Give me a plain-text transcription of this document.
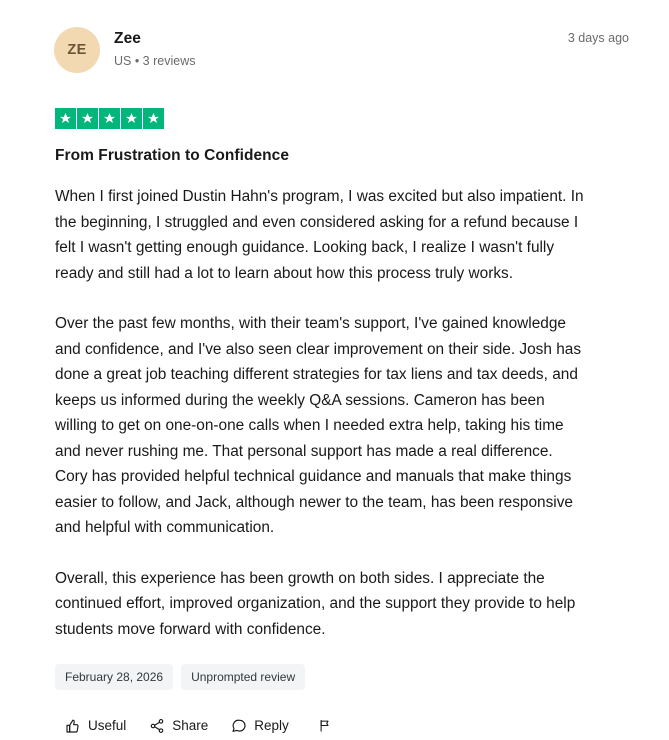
ZE
Zee
US • 3 reviews
3 days ago
From Frustration to Confidence

When I first joined Dustin Hahn's program, I was excited but also impatient. In the beginning, I struggled and even considered asking for a refund because I felt I wasn't getting enough guidance. Looking back, I realize I wasn't fully ready and still had a lot to learn about how this process truly works.

Over the past few months, with their team's support, I've gained knowledge and confidence, and I've also seen clear improvement on their side. Josh has done a great job teaching different strategies for tax liens and tax deeds, and keeps us informed during the weekly Q&A sessions. Cameron has been willing to get on one-on-one calls when I needed extra help, taking his time and never rushing me. That personal support has made a real difference. Cory has provided helpful technical guidance and manuals that make things easier to follow, and Jack, although newer to the team, has been responsive and helpful with communication.

Overall, this experience has been growth on both sides. I appreciate the continued effort, improved organization, and the support they provide to help students move forward with confidence.

February 28, 2026	Unprompted review
Useful	Share	Reply
